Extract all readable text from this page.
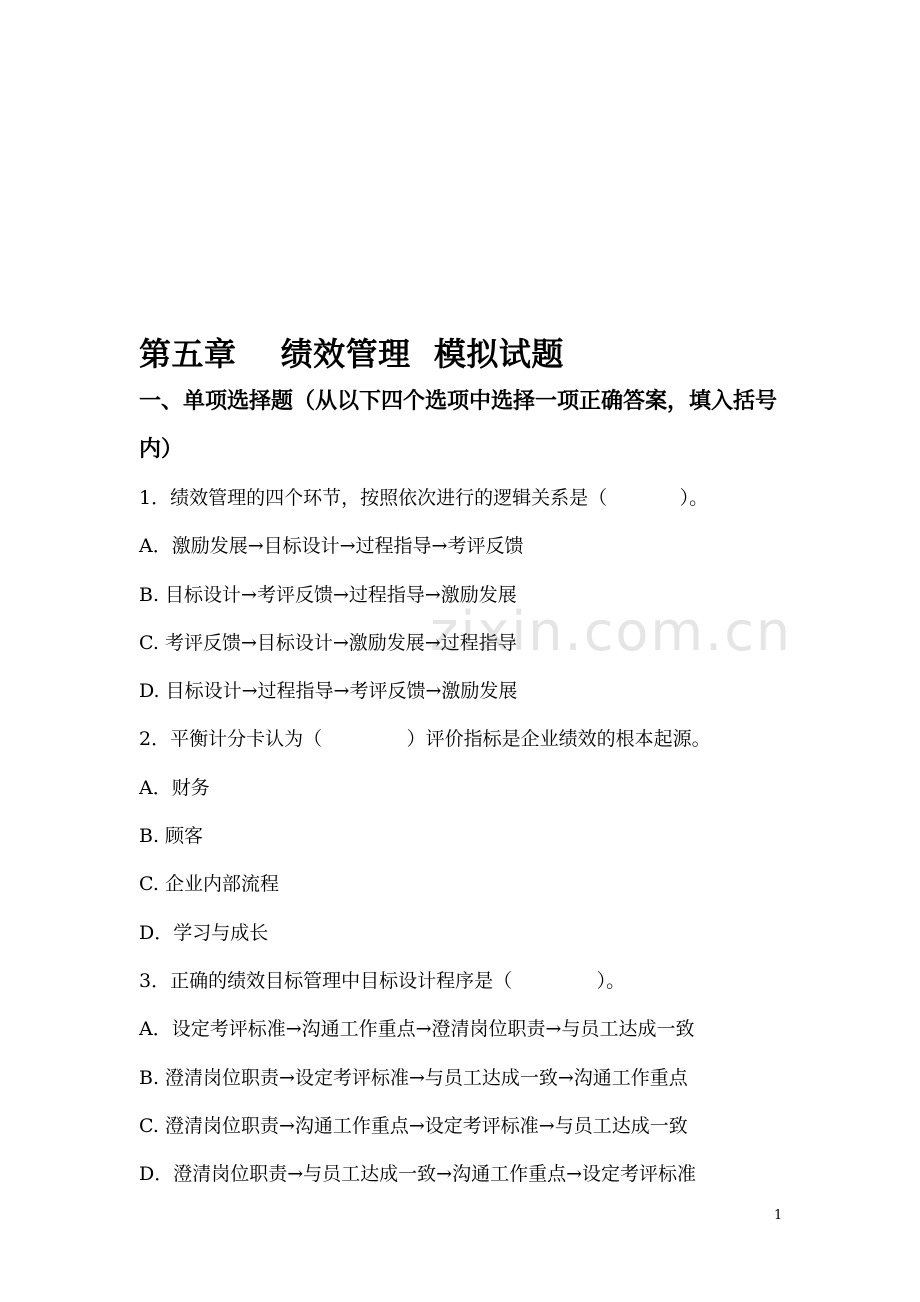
zixin.com.cn
第五章　 绩效管理  模拟试题
一、单项选择题（从以下四个选项中选择一项正确答案，填入括号内）
1．绩效管理的四个环节，按照依次进行的逻辑关系是（            ）。
A．激励发展→目标设计→过程指导→考评反馈
B. 目标设计→考评反馈→过程指导→激励发展
C. 考评反馈→目标设计→激励发展→过程指导
D. 目标设计→过程指导→考评反馈→激励发展
2．平衡计分卡认为（              ）评价指标是企业绩效的根本起源。
A．财务
B. 顾客
C. 企业内部流程
D．学习与成长
3．正确的绩效目标管理中目标设计程序是（              ）。
A．设定考评标准→沟通工作重点→澄清岗位职责→与员工达成一致
B. 澄清岗位职责→设定考评标准→与员工达成一致→沟通工作重点
C. 澄清岗位职责→沟通工作重点→设定考评标准→与员工达成一致
D．澄清岗位职责→与员工达成一致→沟通工作重点→设定考评标准
1
